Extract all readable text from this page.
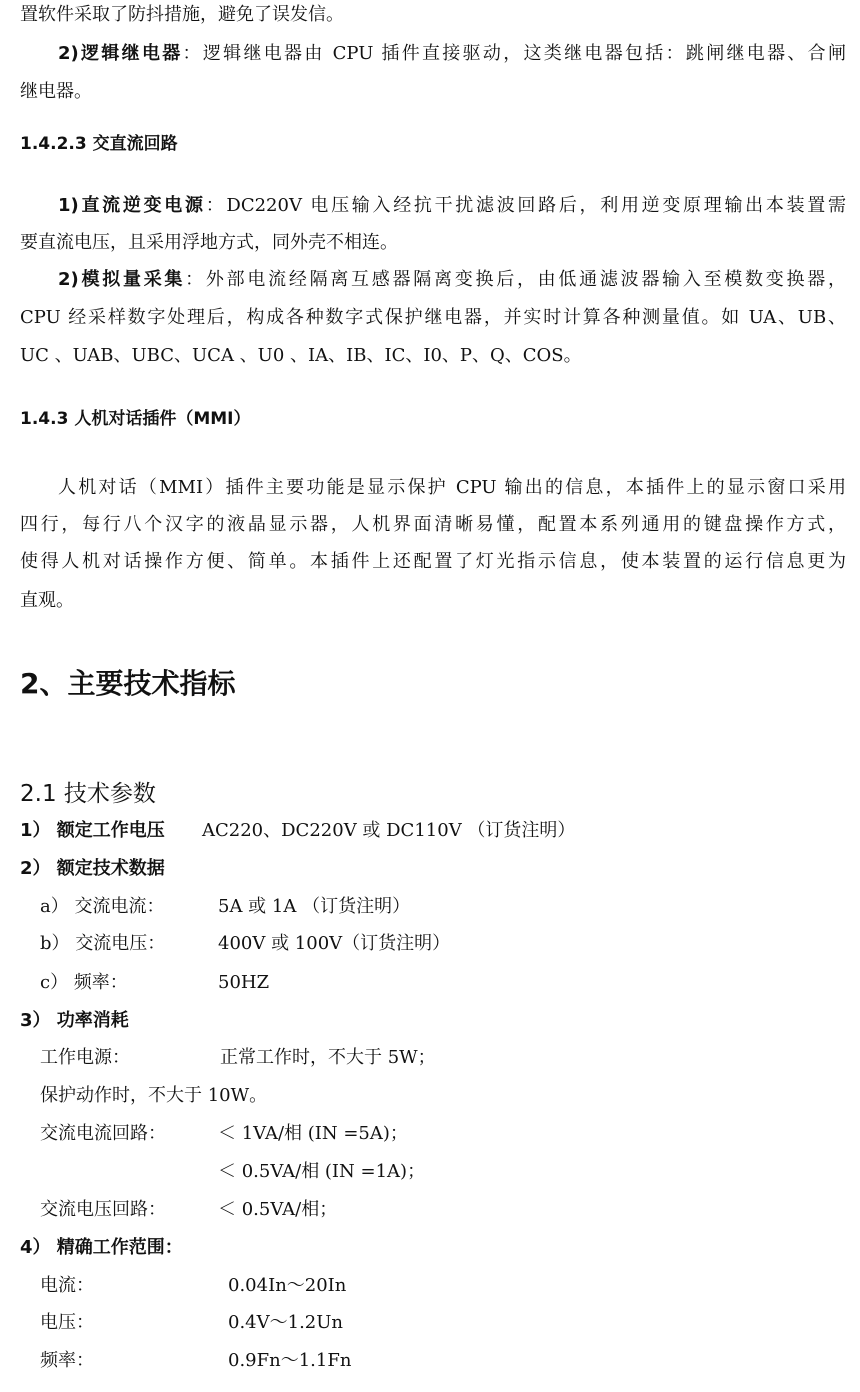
置软件采取了防抖措施，避免了误发信。
2)逻辑继电器：逻辑继电器由 CPU 插件直接驱动，这类继电器包括：跳闸继电器、合闸
继电器。
1.4.2.3 交直流回路
1)直流逆变电源：DC220V 电压输入经抗干扰滤波回路后，利用逆变原理输出本装置需
要直流电压，且采用浮地方式，同外壳不相连。
2)模拟量采集：外部电流经隔离互感器隔离变换后，由低通滤波器输入至模数变换器，
CPU 经采样数字处理后，构成各种数字式保护继电器，并实时计算各种测量值。如 UA、UB、
UC 、UAB、UBC、UCA 、U0 、IA、IB、IC、I0、P、Q、COS。
1.4.3 人机对话插件（MMI）
人机对话（MMI）插件主要功能是显示保护 CPU 输出的信息，本插件上的显示窗口采用
四行，每行八个汉字的液晶显示器，人机界面清晰易懂，配置本系列通用的键盘操作方式，
使得人机对话操作方便、简单。本插件上还配置了灯光指示信息，使本装置的运行信息更为
直观。
2、主要技术指标
2.1 技术参数
1） 额定工作电压 AC220、DC220V 或 DC110V （订货注明）
2） 额定技术数据
a） 交流电流：	5A 或 1A （订货注明）
b） 交流电压：	400V 或 100V（订货注明）
c） 频率：	50HZ
3） 功率消耗
工作电源：	正常工作时，不大于 5W；
保护动作时，不大于 10W。
交流电流回路：	＜ 1VA/相 (IN =5A)；
＜ 0.5VA/相 (IN =1A)；
交流电压回路：	＜ 0.5VA/相；
4） 精确工作范围：
电流：	0.04In～20In
电压：	0.4V～1.2Un
频率：	0.9Fn～1.1Fn
